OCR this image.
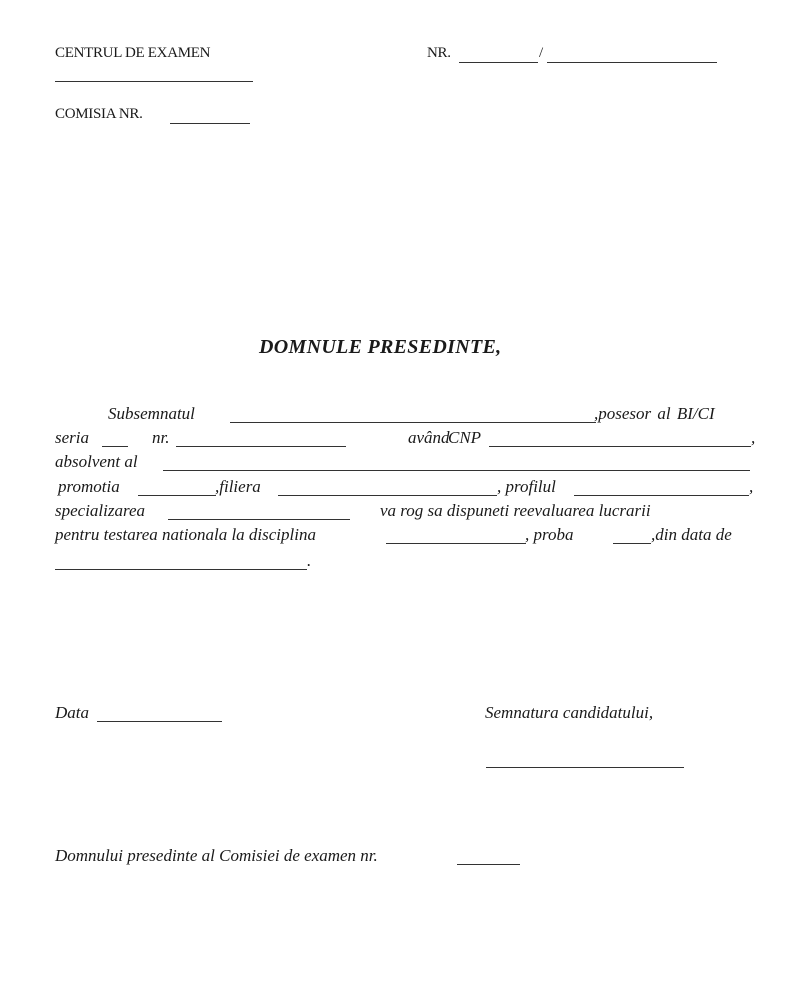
CENTRUL DE EXAMEN	NR.	/
COMISIA NR.
DOMNULE PRESEDINTE,
Subsemnatul	,posesor al BI/CI
seria	nr.	având
CNP	,
absolvent al
promotia	,filiera	, profilul	,
specializarea	va rog sa dispuneti reevaluarea lucrarii
pentru testarea nationala la disciplina	, proba	,din data de
.
Data	Semnatura candidatului,
Domnului presedinte al Comisiei de examen nr.
